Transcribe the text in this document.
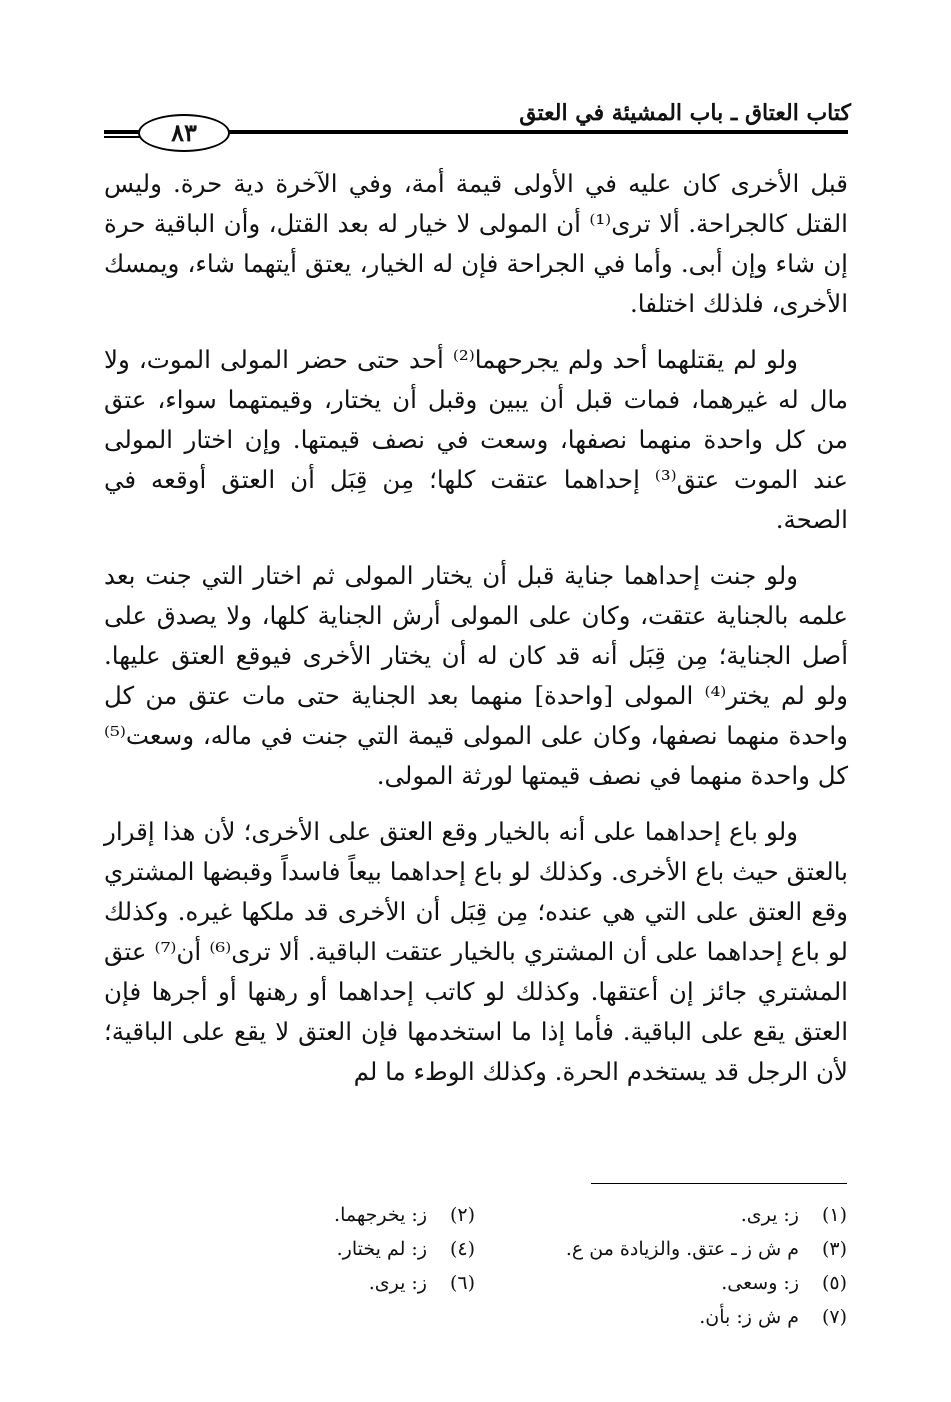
كتاب العتاق ـ باب المشيئة في العتق
٨٣

قبل الأخرى كان عليه في الأولى قيمة أمة، وفي الآخرة دية حرة. وليس القتل كالجراحة. ألا ترى⁽¹⁾ أن المولى لا خيار له بعد القتل، وأن الباقية حرة إن شاء وإن أبى. وأما في الجراحة فإن له الخيار، يعتق أيتهما شاء، ويمسك الأخرى، فلذلك اختلفا.

ولو لم يقتلهما أحد ولم يجرحهما⁽²⁾ أحد حتى حضر المولى الموت، ولا مال له غيرهما، فمات قبل أن يبين وقبل أن يختار، وقيمتهما سواء، عتق من كل واحدة منهما نصفها، وسعت في نصف قيمتها. وإن اختار المولى عند الموت عتق⁽³⁾ إحداهما عتقت كلها؛ مِن قِبَل أن العتق أوقعه في الصحة.

ولو جنت إحداهما جناية قبل أن يختار المولى ثم اختار التي جنت بعد علمه بالجناية عتقت، وكان على المولى أرش الجناية كلها، ولا يصدق على أصل الجناية؛ مِن قِبَل أنه قد كان له أن يختار الأخرى فيوقع العتق عليها. ولو لم يختر⁽⁴⁾ المولى [واحدة] منهما بعد الجناية حتى مات عتق من كل واحدة منهما نصفها، وكان على المولى قيمة التي جنت في ماله، وسعت⁽⁵⁾ كل واحدة منهما في نصف قيمتها لورثة المولى.

ولو باع إحداهما على أنه بالخيار وقع العتق على الأخرى؛ لأن هذا إقرار بالعتق حيث باع الأخرى. وكذلك لو باع إحداهما بيعاً فاسداً وقبضها المشتري وقع العتق على التي هي عنده؛ مِن قِبَل أن الأخرى قد ملكها غيره. وكذلك لو باع إحداهما على أن المشتري بالخيار عتقت الباقية. ألا ترى⁽⁶⁾ أن⁽⁷⁾ عتق المشتري جائز إن أعتقها. وكذلك لو كاتب إحداهما أو رهنها أو أجرها فإن العتق يقع على الباقية. فأما إذا ما استخدمها فإن العتق لا يقع على الباقية؛ لأن الرجل قد يستخدم الحرة. وكذلك الوطء ما لم

(١)ز: يرى.
(٢)ز: يخرجهما.
(٣)م ش ز ـ عتق. والزيادة من ع.
(٤)ز: لم يختار.
(٥)ز: وسعى.
(٦)ز: يرى.
(٧)م ش ز: بأن.
